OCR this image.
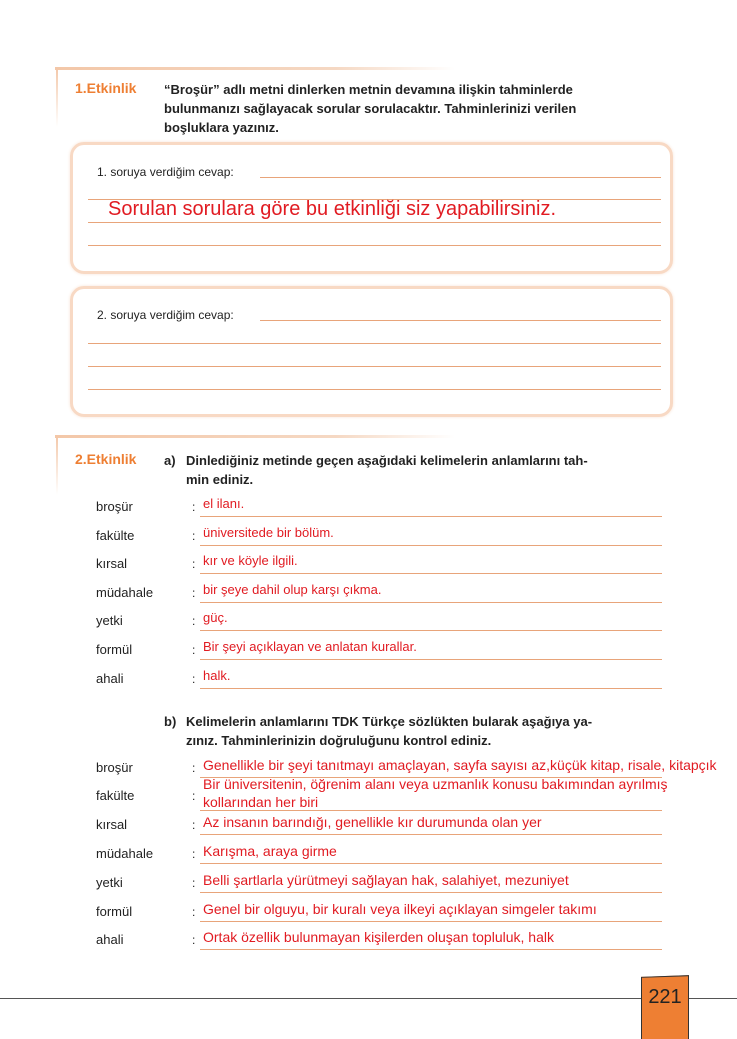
1.Etkinlik “Broşür” adlı metni dinlerken metnin devamına ilişkin tahminlerde
bulunmanızı sağlayacak sorular sorulacaktır. Tahminlerinizi verilen
boşluklara yazınız.
1. soruya verdiğim cevap:
Sorulan sorulara göre bu etkinliği siz yapabilirsiniz.
2. soruya verdiğim cevap:
2.Etkinlik a) Dinlediğiniz metinde geçen aşağıdaki kelimelerin anlamlarını tah-
min ediniz.
broşür	: el ilanı.
fakülte	: üniversitede bir bölüm.
kırsal	: kır ve köyle ilgili.
müdahale	: bir şeye dahil olup karşı çıkma.
yetki	: güç.
formül	: Bir şeyi açıklayan ve anlatan kurallar.
ahali	: halk.
b) Kelimelerin anlamlarını TDK Türkçe sözlükten bularak aşağıya ya-
zınız. Tahminlerinizin doğruluğunu kontrol ediniz.
broşür	: Genellikle bir şeyi tanıtmayı amaçlayan, sayfa sayısı az,küçük kitap, risale, kitapçık
fakülte	:
Bir üniversitenin, öğrenim alanı veya uzmanlık konusu bakımından ayrılmış
kollarından her biri
kırsal	: Az insanın barındığı, genellikle kır durumunda olan yer
müdahale	: Karışma, araya girme
yetki	: Belli şartlarla yürütmeyi sağlayan hak, salahiyet, mezuniyet
formül	: Genel bir olguyu, bir kuralı veya ilkeyi açıklayan simgeler takımı
ahali	: Ortak özellik bulunmayan kişilerden oluşan topluluk, halk
221
